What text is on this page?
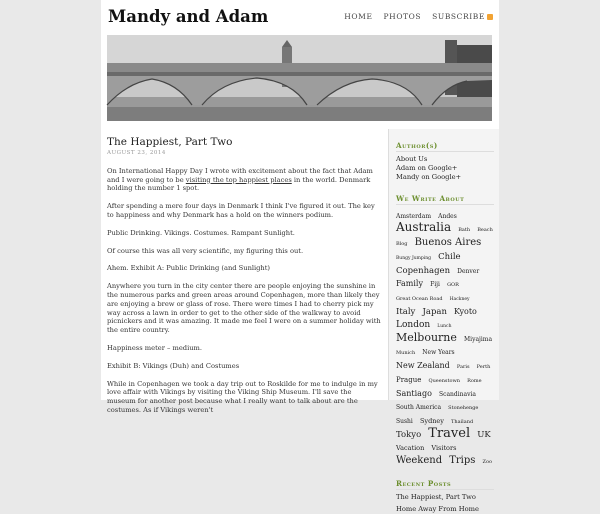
Mandy and Adam	HOME PHOTOS SUBSCRIBE
The Happiest, Part Two
AUGUST 23, 2014

On International Happy Day I wrote with excitement about the fact that Adam and I were going to be visiting the top happiest places in the world. Denmark holding the number 1 spot.

After spending a mere four days in Denmark I think I've figured it out. The key to happiness and why Denmark has a hold on the winners podium.

Public Drinking. Vikings. Costumes. Rampant Sunlight.

Of course this was all very scientific, my figuring this out.

Ahem. Exhibit A: Public Drinking (and Sunlight)

Anywhere you turn in the city center there are people enjoying the sunshine in the numerous parks and green areas around Copenhagen, more than likely they are enjoying a brew or glass of rose. There were times I had to cherry pick my way across a lawn in order to get to the other side of the walkway to avoid picnickers and it was amazing. It made me feel I were on a summer holiday with the entire country.

Happiness meter – medium.

Exhibit B: Vikings (Duh) and Costumes

While in Copenhagen we took a day trip out to Roskilde for me to indulge in my love affair with Vikings by visiting the Viking Ship Museum. I'll save the museum for another post because what I really want to talk about are the costumes. As if Vikings weren't

Author(s)
About Us
Adam on Google+
Mandy on Google+
We Write About
Amsterdam Andes Australia Bath Beach Blog Buenos Aires Bungy Jumping Chile Copenhagen Denver Family Fiji GOR Great Ocean Road Hackney Italy Japan Kyoto London Lunch Melbourne Miyajima Munich New Years New Zealand Paris Perth Prague Queenstown Rome Santiago Scandinavia South America Stonehenge Sushi Sydney Thailand Tokyo Travel UK Vacation Visitors Weekend Trips Zoo
Recent Posts
The Happiest, Part Two
Home Away From Home
